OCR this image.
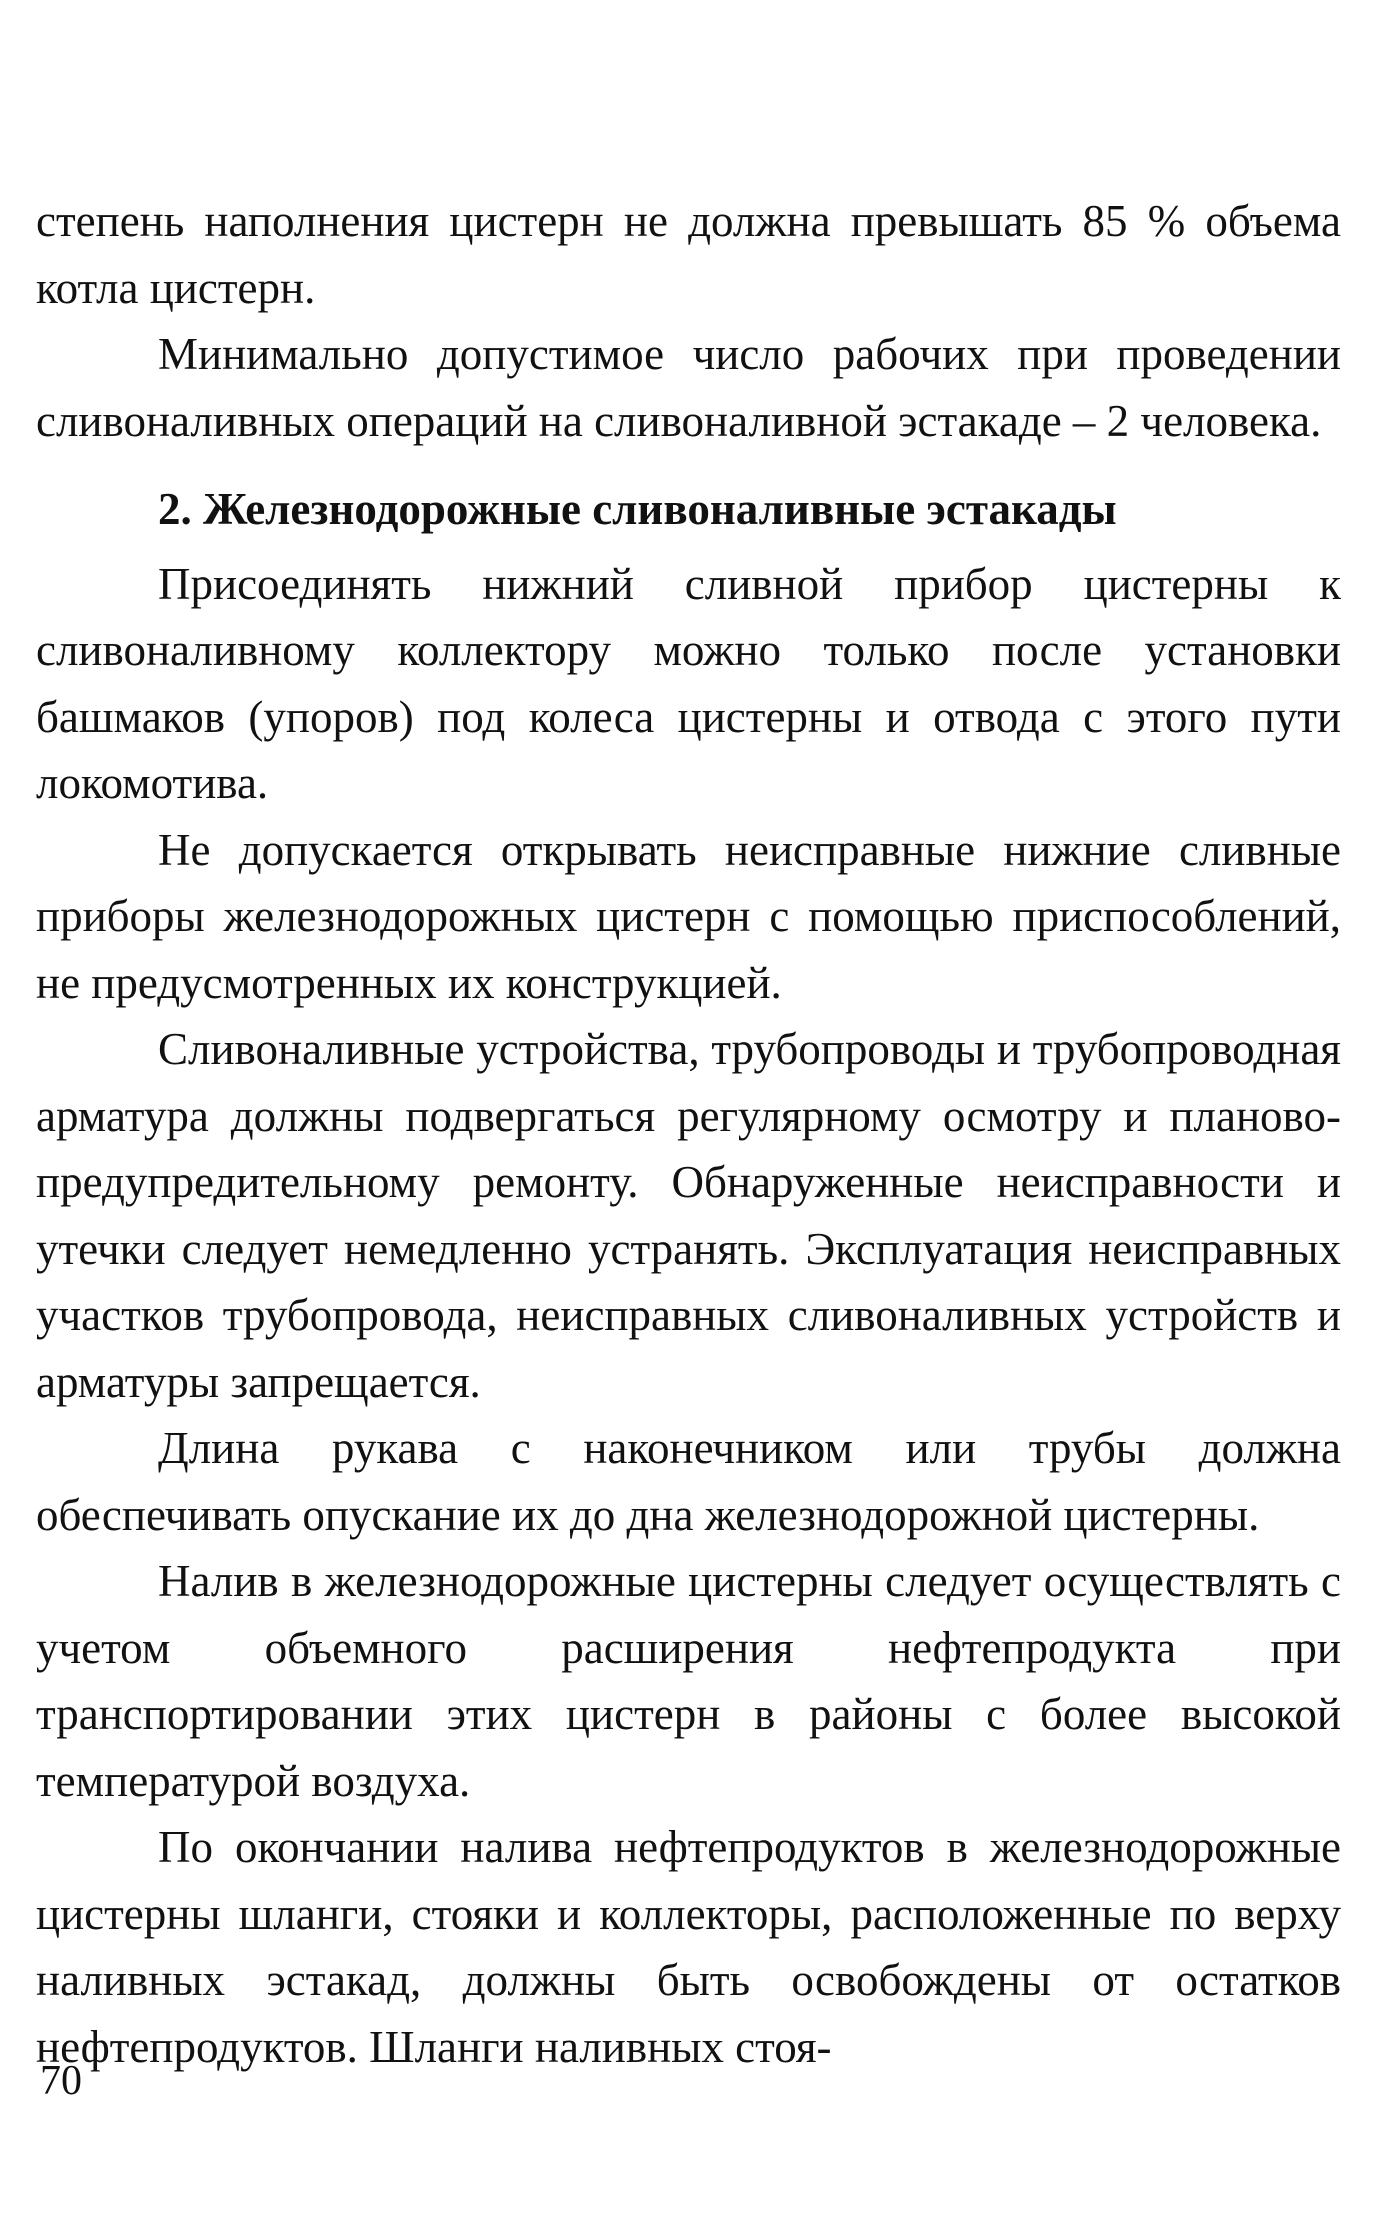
степень наполнения цистерн не должна превышать 85 % объема котла цистерн.

Минимально допустимое число рабочих при проведении сливоналивных операций на сливоналивной эстакаде – 2 человека.

2. Железнодорожные сливоналивные эстакады

Присоединять нижний сливной прибор цистерны к сливоналивному коллектору можно только после установки башмаков (упоров) под колеса цистерны и отвода с этого пути локомотива.

Не допускается открывать неисправные нижние сливные приборы железнодорожных цистерн с помощью приспособлений, не предусмотренных их конструкцией.

Сливоналивные устройства, трубопроводы и трубопроводная арматура должны подвергаться регулярному осмотру и планово-предупредительному ремонту. Обнаруженные неисправности и утечки следует немедленно устранять. Эксплуатация неисправных участков трубопровода, неисправных сливоналивных устройств и арматуры запрещается.

Длина рукава с наконечником или трубы должна обеспечивать опускание их до дна железнодорожной цистерны.

Налив в железнодорожные цистерны следует осуществлять с учетом объемного расширения нефтепродукта при транспортировании этих цистерн в районы с более высокой температурой воздуха.

По окончании налива нефтепродуктов в железнодорожные цистерны шланги, стояки и коллекторы, расположенные по верху наливных эстакад, должны быть освобождены от остатков нефтепродуктов. Шланги наливных стоя-

70
